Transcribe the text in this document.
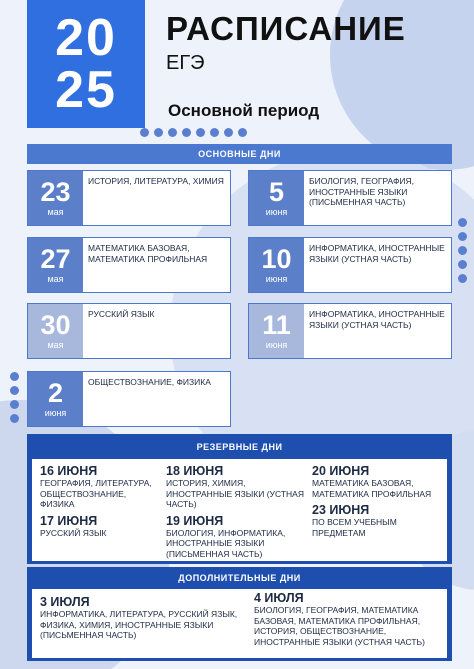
20
25
РАСПИСАНИЕ
ЕГЭ
Основной период
ОСНОВНЫЕ ДНИ
23
мая
ИСТОРИЯ, ЛИТЕРАТУРА, ХИМИЯ
27
мая
МАТЕМАТИКА БАЗОВАЯ, МАТЕМАТИКА ПРОФИЛЬНАЯ
30
мая
РУССКИЙ ЯЗЫК
2
июня
ОБЩЕСТВОЗНАНИЕ, ФИЗИКА
5
июня
БИОЛОГИЯ, ГЕОГРАФИЯ, ИНОСТРАННЫЕ ЯЗЫКИ (ПИСЬМЕННАЯ ЧАСТЬ)
10
июня
ИНФОРМАТИКА, ИНОСТРАННЫЕ ЯЗЫКИ (УСТНАЯ ЧАСТЬ)
11
июня
ИНФОРМАТИКА, ИНОСТРАННЫЕ ЯЗЫКИ (УСТНАЯ ЧАСТЬ)
РЕЗЕРВНЫЕ ДНИ
16 ИЮНЯ
ГЕОГРАФИЯ, ЛИТЕРАТУРА, ОБЩЕСТВОЗНАНИЕ, ФИЗИКА
17 ИЮНЯ
РУССКИЙ ЯЗЫК
18 ИЮНЯ
ИСТОРИЯ, ХИМИЯ, ИНОСТРАННЫЕ ЯЗЫКИ (УСТНАЯ ЧАСТЬ)
19 ИЮНЯ
БИОЛОГИЯ, ИНФОРМАТИКА, ИНОСТРАННЫЕ ЯЗЫКИ (ПИСЬМЕННАЯ ЧАСТЬ)
20 ИЮНЯ
МАТЕМАТИКА БАЗОВАЯ, МАТЕМАТИКА ПРОФИЛЬНАЯ
23 ИЮНЯ
ПО ВСЕМ УЧЕБНЫМ ПРЕДМЕТАМ
ДОПОЛНИТЕЛЬНЫЕ ДНИ
3 ИЮЛЯ
ИНФОРМАТИКА, ЛИТЕРАТУРА, РУССКИЙ ЯЗЫК, ФИЗИКА, ХИМИЯ, ИНОСТРАННЫЕ ЯЗЫКИ (ПИСЬМЕННАЯ ЧАСТЬ)
4 ИЮЛЯ
БИОЛОГИЯ, ГЕОГРАФИЯ, МАТЕМАТИКА БАЗОВАЯ, МАТЕМАТИКА ПРОФИЛЬНАЯ, ИСТОРИЯ, ОБЩЕСТВОЗНАНИЕ, ИНОСТРАННЫЕ ЯЗЫКИ (УСТНАЯ ЧАСТЬ)
